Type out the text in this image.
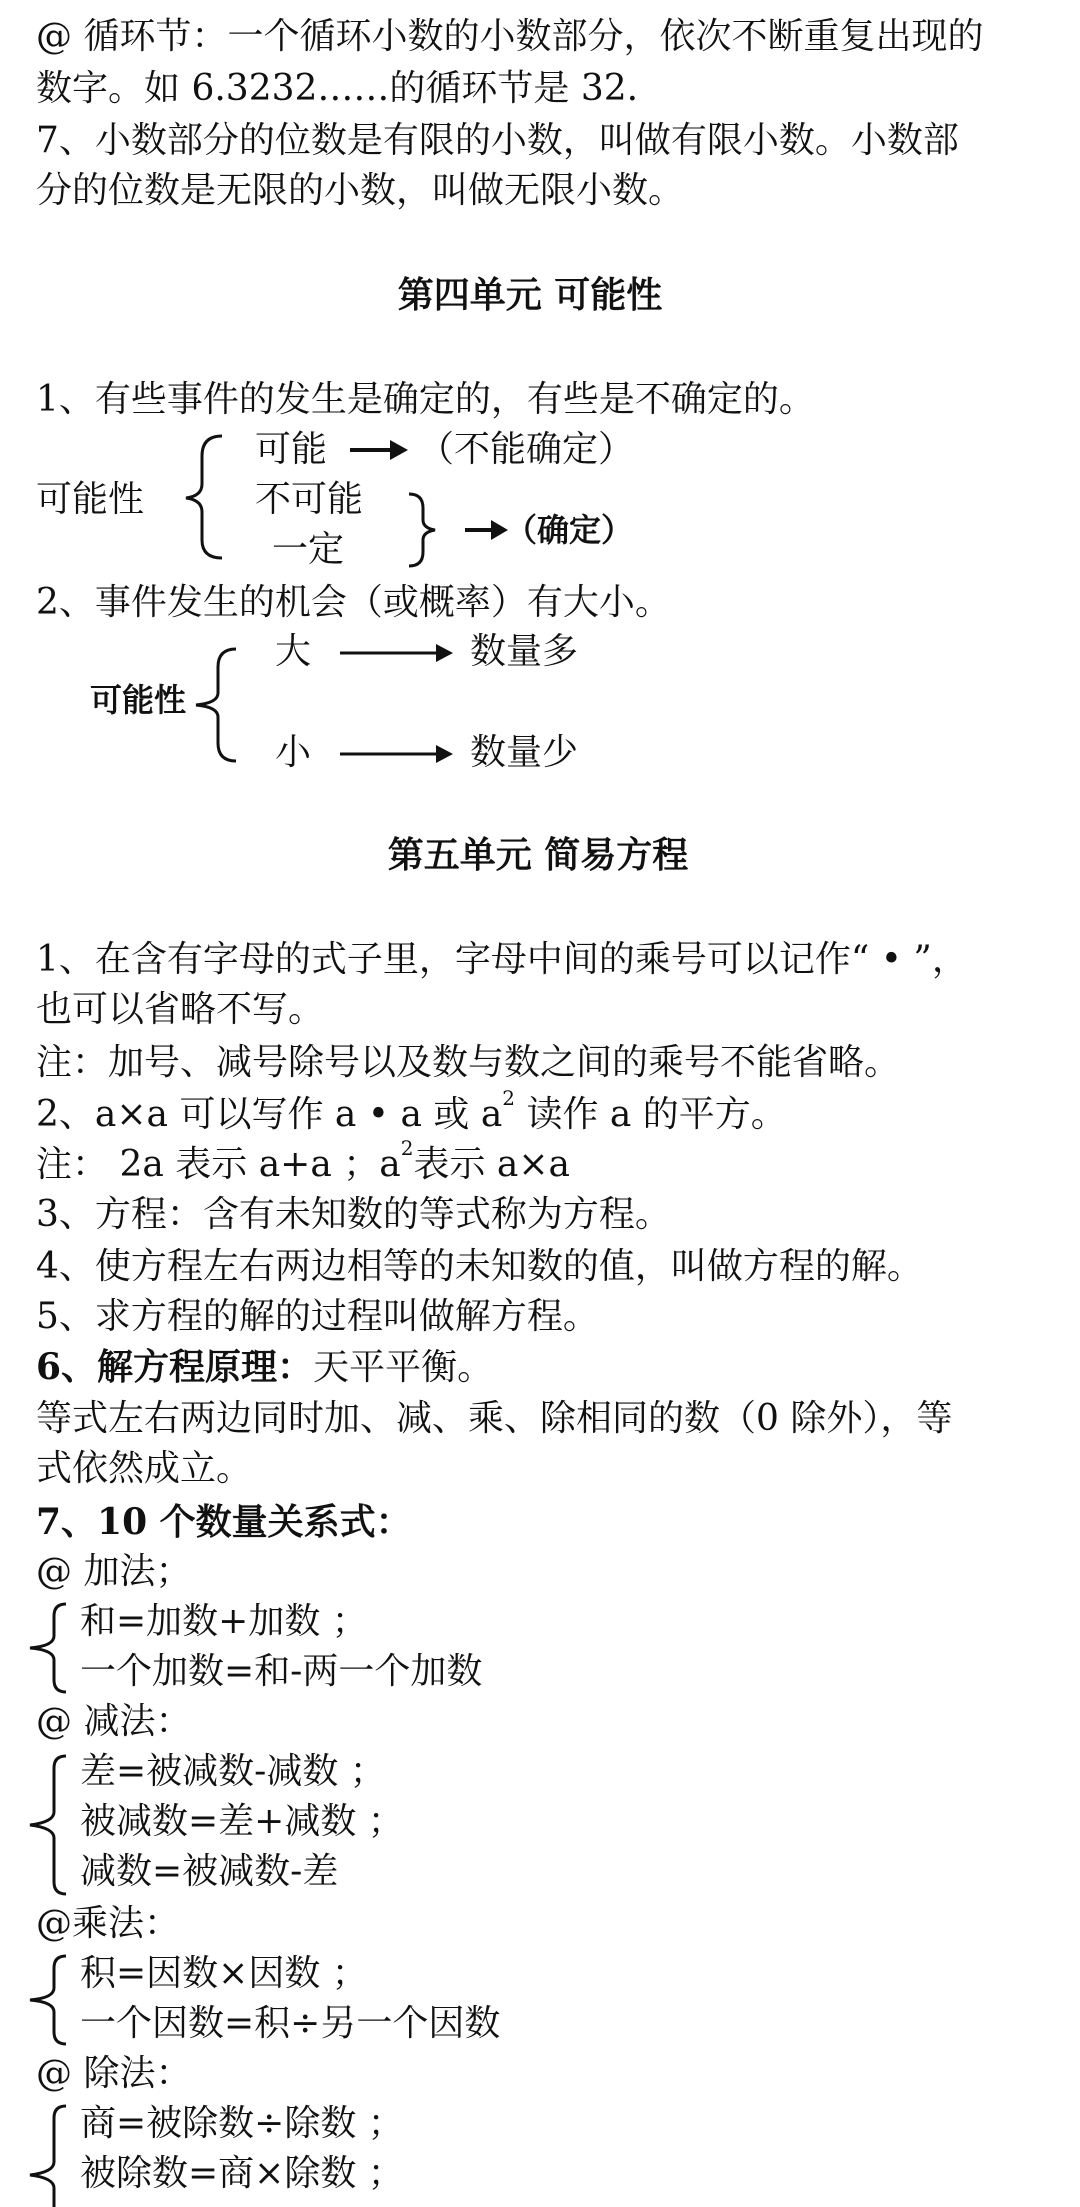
@ 循环节：一个循环小数的小数部分，依次不断重复出现的
数字。如 6.3232……的循环节是 32.
7、小数部分的位数是有限的小数，叫做有限小数。小数部
分的位数是无限的小数，叫做无限小数。
第四单元 可能性
1、有些事件的发生是确定的，有些是不确定的。
可能性
可能	（不能确定）
不可能
一定	（确定）
2、事件发生的机会（或概率）有大小。
可能性
大	数量多
小	数量少
第五单元 简易方程
1、在含有字母的式子里，字母中间的乘号可以记作“ • ”，
也可以省略不写。
注：加号、减号除号以及数与数之间的乘号不能省略。
2、a×a 可以写作 a • a 或 $a^2$ 读作 a 的平方。
注： 2a 表示 a+a ；$a^2$表示 a×a
3、方程：含有未知数的等式称为方程。
4、使方程左右两边相等的未知数的值，叫做方程的解。
5、求方程的解的过程叫做解方程。
6、解方程原理：天平平衡。
等式左右两边同时加、减、乘、除相同的数（0 除外），等
式依然成立。
7、10 个数量关系式：
@ 加法；
和=加数+加数 ；
一个加数=和-两一个加数
@ 减法：
差=被减数-减数 ；
被减数=差+减数 ；
减数=被减数-差
@乘法：
积=因数×因数 ；
一个因数=积÷另一个因数
@ 除法：
商=被除数÷除数 ；
被除数=商×除数 ；
